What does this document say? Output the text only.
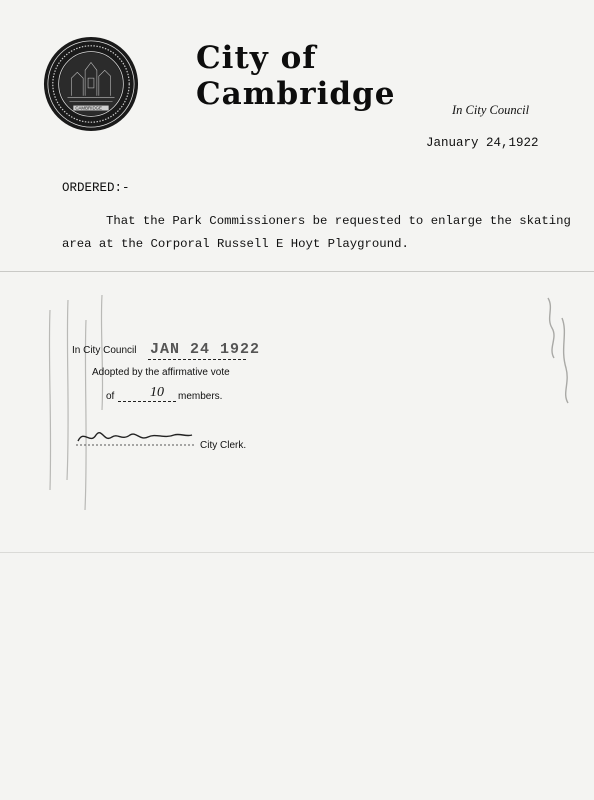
CAMBRIDGE
City of Cambridge	In City Council
January 24,1922
ORDERED:-
That the Park Commissioners be requested to enlarge the skating
area at the Corporal Russell E Hoyt Playground.
In City Council JAN 24 1922
Adopted by the affirmative vote
of	10 members.
City Clerk.
